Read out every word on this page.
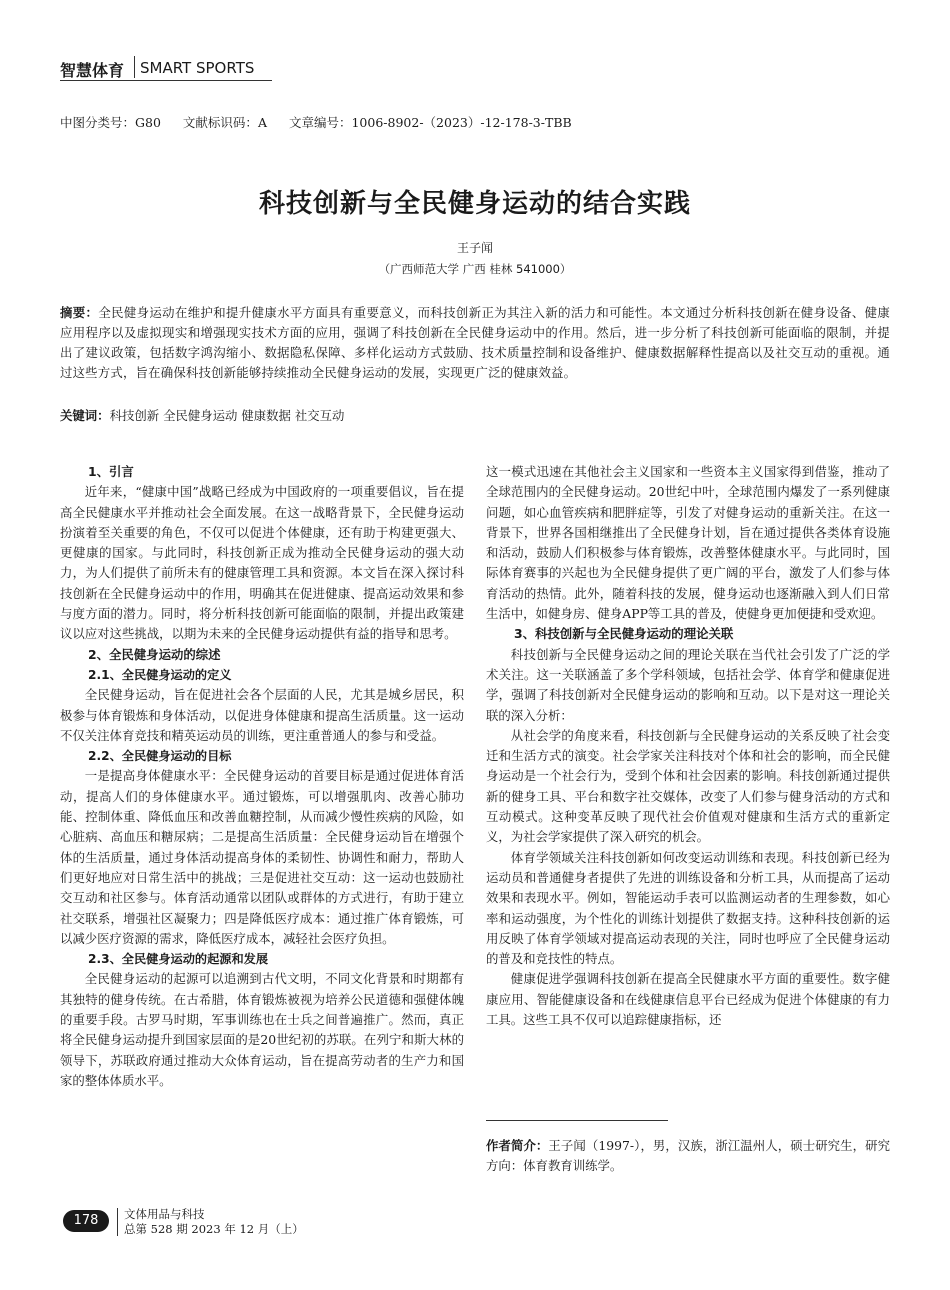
智慧体育 SMART SPORTS
中图分类号：G80 文献标识码：A 文章编号：1006-8902-（2023）-12-178-3-TBB
科技创新与全民健身运动的结合实践
王子闻
（广西师范大学 广西 桂林 541000）
摘要：全民健身运动在维护和提升健康水平方面具有重要意义，而科技创新正为其注入新的活力和可能性。本文通过分析科技创新在健身设备、健康应用程序以及虚拟现实和增强现实技术方面的应用，强调了科技创新在全民健身运动中的作用。然后，进一步分析了科技创新可能面临的限制，并提出了建议政策，包括数字鸿沟缩小、数据隐私保障、多样化运动方式鼓励、技术质量控制和设备维护、健康数据解释性提高以及社交互动的重视。通过这些方式，旨在确保科技创新能够持续推动全民健身运动的发展，实现更广泛的健康效益。
关键词：科技创新 全民健身运动 健康数据 社交互动
1、引言

近年来，“健康中国”战略已经成为中国政府的一项重要倡议，旨在提高全民健康水平并推动社会全面发展。在这一战略背景下，全民健身运动扮演着至关重要的角色，不仅可以促进个体健康，还有助于构建更强大、更健康的国家。与此同时，科技创新正成为推动全民健身运动的强大动力，为人们提供了前所未有的健康管理工具和资源。本文旨在深入探讨科技创新在全民健身运动中的作用，明确其在促进健康、提高运动效果和参与度方面的潜力。同时，将分析科技创新可能面临的限制，并提出政策建议以应对这些挑战，以期为未来的全民健身运动提供有益的指导和思考。

2、全民健身运动的综述
2.1、全民健身运动的定义

全民健身运动，旨在促进社会各个层面的人民，尤其是城乡居民，积极参与体育锻炼和身体活动，以促进身体健康和提高生活质量。这一运动不仅关注体育竞技和精英运动员的训练，更注重普通人的参与和受益。

2.2、全民健身运动的目标

一是提高身体健康水平：全民健身运动的首要目标是通过促进体育活动，提高人们的身体健康水平。通过锻炼，可以增强肌肉、改善心肺功能、控制体重、降低血压和改善血糖控制，从而减少慢性疾病的风险，如心脏病、高血压和糖尿病；二是提高生活质量：全民健身运动旨在增强个体的生活质量，通过身体活动提高身体的柔韧性、协调性和耐力，帮助人们更好地应对日常生活中的挑战；三是促进社交互动：这一运动也鼓励社交互动和社区参与。体育活动通常以团队或群体的方式进行，有助于建立社交联系，增强社区凝聚力；四是降低医疗成本：通过推广体育锻炼，可以减少医疗资源的需求，降低医疗成本，减轻社会医疗负担。

2.3、全民健身运动的起源和发展

全民健身运动的起源可以追溯到古代文明，不同文化背景和时期都有其独特的健身传统。在古希腊，体育锻炼被视为培养公民道德和强健体魄的重要手段。古罗马时期，军事训练也在士兵之间普遍推广。然而，真正将全民健身运动提升到国家层面的是20世纪初的苏联。在列宁和斯大林的领导下，苏联政府通过推动大众体育运动，旨在提高劳动者的生产力和国家的整体体质水平。

这一模式迅速在其他社会主义国家和一些资本主义国家得到借鉴，推动了全球范围内的全民健身运动。20世纪中叶，全球范围内爆发了一系列健康问题，如心血管疾病和肥胖症等，引发了对健身运动的重新关注。在这一背景下，世界各国相继推出了全民健身计划，旨在通过提供各类体育设施和活动，鼓励人们积极参与体育锻炼，改善整体健康水平。与此同时，国际体育赛事的兴起也为全民健身提供了更广阔的平台，激发了人们参与体育活动的热情。此外，随着科技的发展，健身运动也逐渐融入到人们日常生活中，如健身房、健身APP等工具的普及，使健身更加便捷和受欢迎。

3、科技创新与全民健身运动的理论关联

科技创新与全民健身运动之间的理论关联在当代社会引发了广泛的学术关注。这一关联涵盖了多个学科领域，包括社会学、体育学和健康促进学，强调了科技创新对全民健身运动的影响和互动。以下是对这一理论关联的深入分析：

从社会学的角度来看，科技创新与全民健身运动的关系反映了社会变迁和生活方式的演变。社会学家关注科技对个体和社会的影响，而全民健身运动是一个社会行为，受到个体和社会因素的影响。科技创新通过提供新的健身工具、平台和数字社交媒体，改变了人们参与健身活动的方式和互动模式。这种变革反映了现代社会价值观对健康和生活方式的重新定义，为社会学家提供了深入研究的机会。

体育学领域关注科技创新如何改变运动训练和表现。科技创新已经为运动员和普通健身者提供了先进的训练设备和分析工具，从而提高了运动效果和表现水平。例如，智能运动手表可以监测运动者的生理参数，如心率和运动强度，为个性化的训练计划提供了数据支持。这种科技创新的运用反映了体育学领域对提高运动表现的关注，同时也呼应了全民健身运动的普及和竞技性的特点。

健康促进学强调科技创新在提高全民健康水平方面的重要性。数字健康应用、智能健康设备和在线健康信息平台已经成为促进个体健康的有力工具。这些工具不仅可以追踪健康指标，还

作者简介：王子闻（1997-），男，汉族，浙江温州人，硕士研究生，研究方向：体育教育训练学。
178	文体用品与科技
总第 528 期 2023 年 12 月（上）
